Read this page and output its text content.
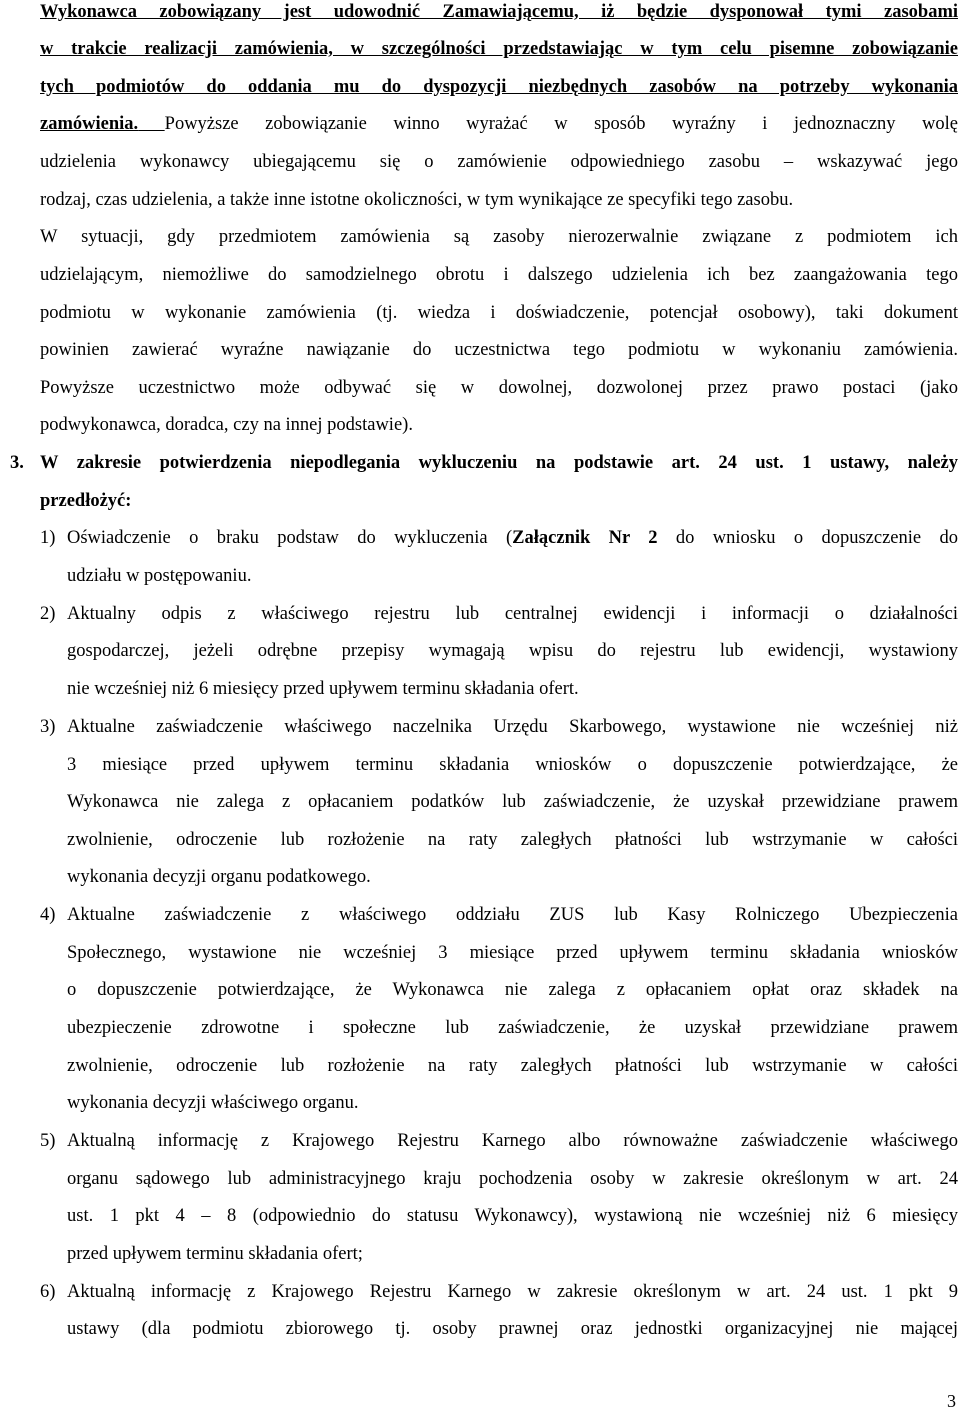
Wykonawca zobowiązany jest udowodnić Zamawiającemu, iż będzie dysponował tymi zasobami
w trakcie realizacji zamówienia, w szczególności przedstawiając w tym celu pisemne zobowiązanie
tych podmiotów do oddania mu do dyspozycji niezbędnych zasobów na potrzeby wykonania
zamówienia. Powyższe zobowiązanie winno wyrażać w sposób wyraźny i jednoznaczny wolę
udzielenia wykonawcy ubiegającemu się o zamówienie odpowiedniego zasobu – wskazywać jego
rodzaj, czas udzielenia, a także inne istotne okoliczności, w tym wynikające ze specyfiki tego zasobu.
W sytuacji, gdy przedmiotem zamówienia są zasoby nierozerwalnie związane z podmiotem ich
udzielającym, niemożliwe do samodzielnego obrotu i dalszego udzielenia ich bez zaangażowania tego
podmiotu w wykonanie zamówienia (tj. wiedza i doświadczenie, potencjał osobowy), taki dokument
powinien zawierać wyraźne nawiązanie do uczestnictwa tego podmiotu w wykonaniu zamówienia.
Powyższe uczestnictwo może odbywać się w dowolnej, dozwolonej przez prawo postaci (jako
podwykonawca, doradca, czy na innej podstawie).
3. W zakresie potwierdzenia niepodlegania wykluczeniu na podstawie art. 24 ust. 1 ustawy, należy
przedłożyć:
1) Oświadczenie o braku podstaw do wykluczenia (Załącznik Nr 2 do wniosku o dopuszczenie do
udziału w postępowaniu.
2) Aktualny odpis z właściwego rejestru lub centralnej ewidencji i informacji o działalności
gospodarczej, jeżeli odrębne przepisy wymagają wpisu do rejestru lub ewidencji, wystawiony
nie wcześniej niż 6 miesięcy przed upływem terminu składania ofert.
3) Aktualne zaświadczenie właściwego naczelnika Urzędu Skarbowego, wystawione nie wcześniej niż
3 miesiące przed upływem terminu składania wniosków o dopuszczenie potwierdzające, że
Wykonawca nie zalega z opłacaniem podatków lub zaświadczenie, że uzyskał przewidziane prawem
zwolnienie, odroczenie lub rozłożenie na raty zaległych płatności lub wstrzymanie w całości
wykonania decyzji organu podatkowego.
4) Aktualne zaświadczenie z właściwego oddziału ZUS lub Kasy Rolniczego Ubezpieczenia
Społecznego, wystawione nie wcześniej 3 miesiące przed upływem terminu składania wniosków
o dopuszczenie potwierdzające, że Wykonawca nie zalega z opłacaniem opłat oraz składek na
ubezpieczenie zdrowotne i społeczne lub zaświadczenie, że uzyskał przewidziane prawem
zwolnienie, odroczenie lub rozłożenie na raty zaległych płatności lub wstrzymanie w całości
wykonania decyzji właściwego organu.
5) Aktualną informację z Krajowego Rejestru Karnego albo równoważne zaświadczenie właściwego
organu sądowego lub administracyjnego kraju pochodzenia osoby w zakresie określonym w art. 24
ust. 1 pkt 4 – 8 (odpowiednio do statusu Wykonawcy), wystawioną nie wcześniej niż 6 miesięcy
przed upływem terminu składania ofert;
6) Aktualną informację z Krajowego Rejestru Karnego w zakresie określonym w art. 24 ust. 1 pkt 9
ustawy (dla podmiotu zbiorowego tj. osoby prawnej oraz jednostki organizacyjnej nie mającej
3
